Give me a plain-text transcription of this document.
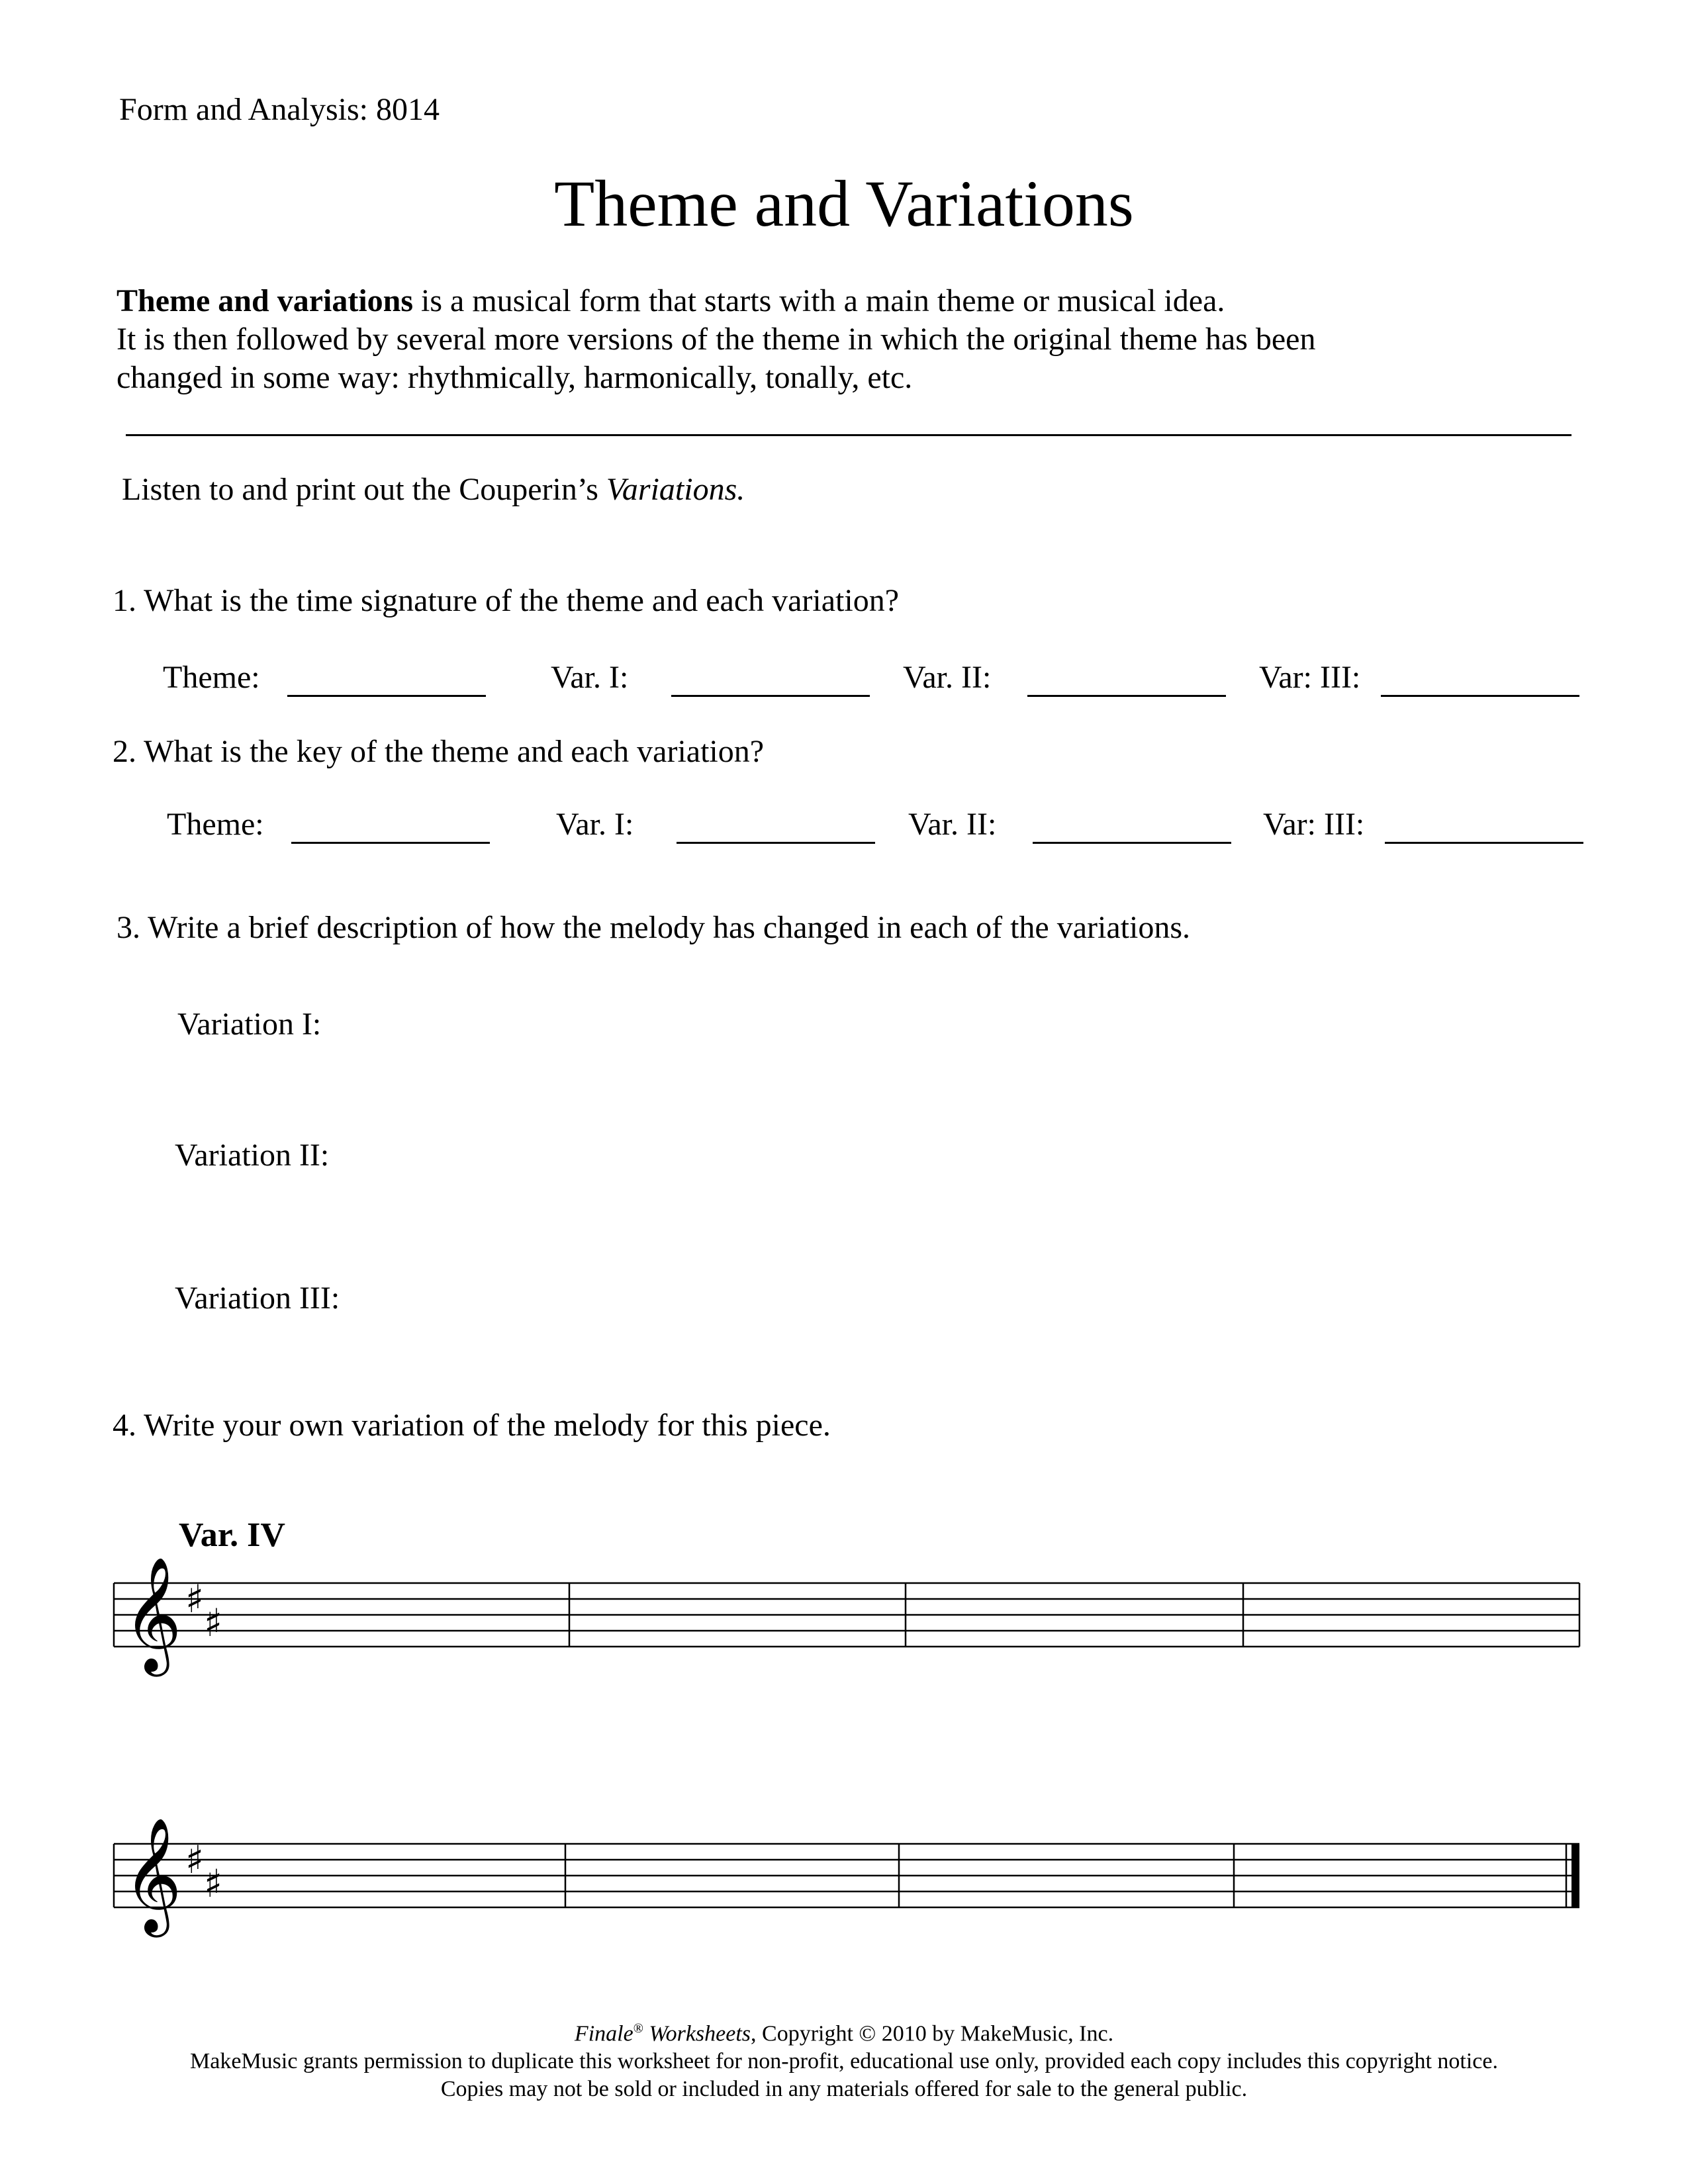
Form and Analysis: 8014
Theme and Variations

Theme and variations is a musical form that starts with a main theme or musical idea.

It is then followed by several more versions of the theme in which the original theme has been

changed in some way: rhythmically, harmonically, tonally, etc.

Listen to and print out the Couperin’s Variations.
1. What is the time signature of the theme and each variation?
Theme:	Var. I:	Var. II:	Var: III:
2. What is the key of the theme and each variation?
Theme:	Var. I:	Var. II:	Var: III:
3. Write a brief description of how the melody has changed in each of the variations.
Variation I:
Variation II:
Variation III:
4. Write your own variation of the melody for this piece.
Var. IV
𝄞 ♯
♯
𝄞 ♯
♯

Finale® Worksheets, Copyright © 2010 by MakeMusic, Inc.

MakeMusic grants permission to duplicate this worksheet for non-profit, educational use only, provided each copy includes this copyright notice.

Copies may not be sold or included in any materials offered for sale to the general public.
